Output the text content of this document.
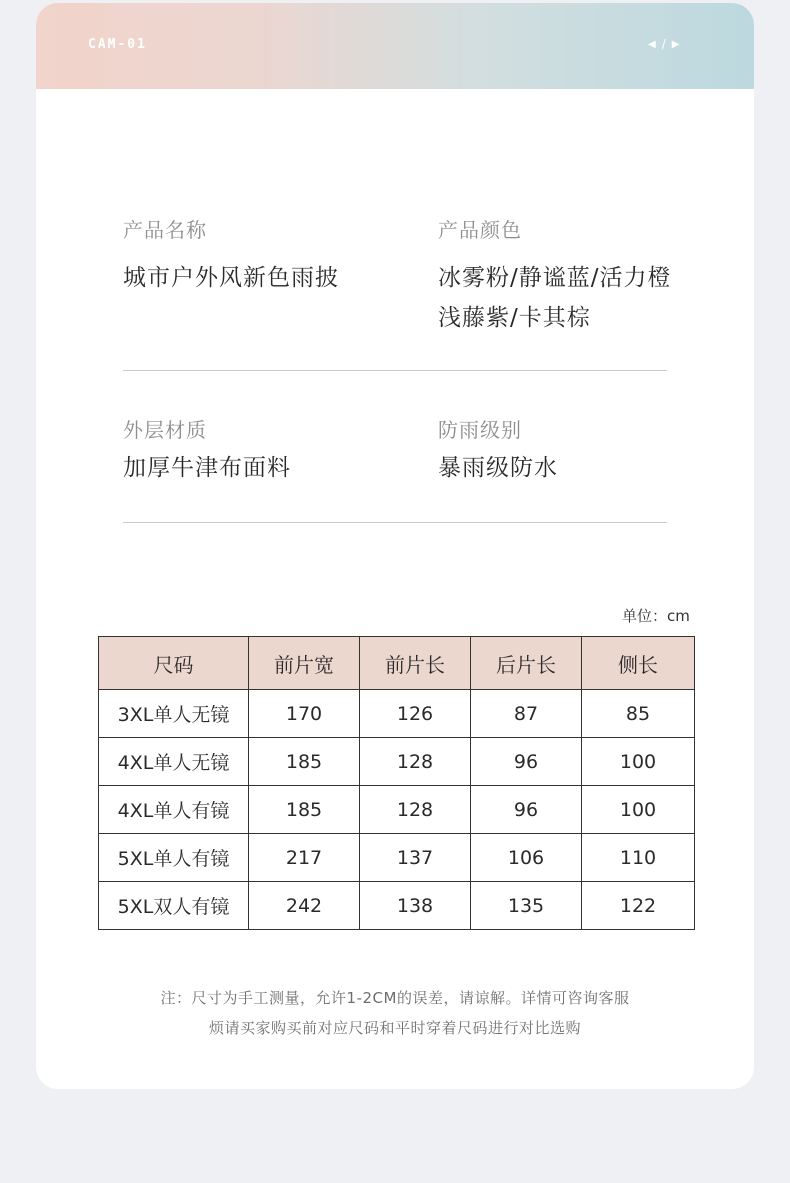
CAM-01	◀ / ▶
产品名称
城市户外风新色雨披
产品颜色
冰雾粉/静谧蓝/活力橙
浅藤紫/卡其棕
外层材质
加厚牛津布面料
防雨级别
暴雨级防水
单位：cm
尺码	前片宽	前片长	后片长	侧长
3XL单人无镜	170	126	87	85
4XL单人无镜	185	128	96	100
4XL单人有镜	185	128	96	100
5XL单人有镜	217	137	106	110
5XL双人有镜	242	138	135	122
注：尺寸为手工测量，允许1-2CM的误差，请谅解。详情可咨询客服
烦请买家购买前对应尺码和平时穿着尺码进行对比选购
